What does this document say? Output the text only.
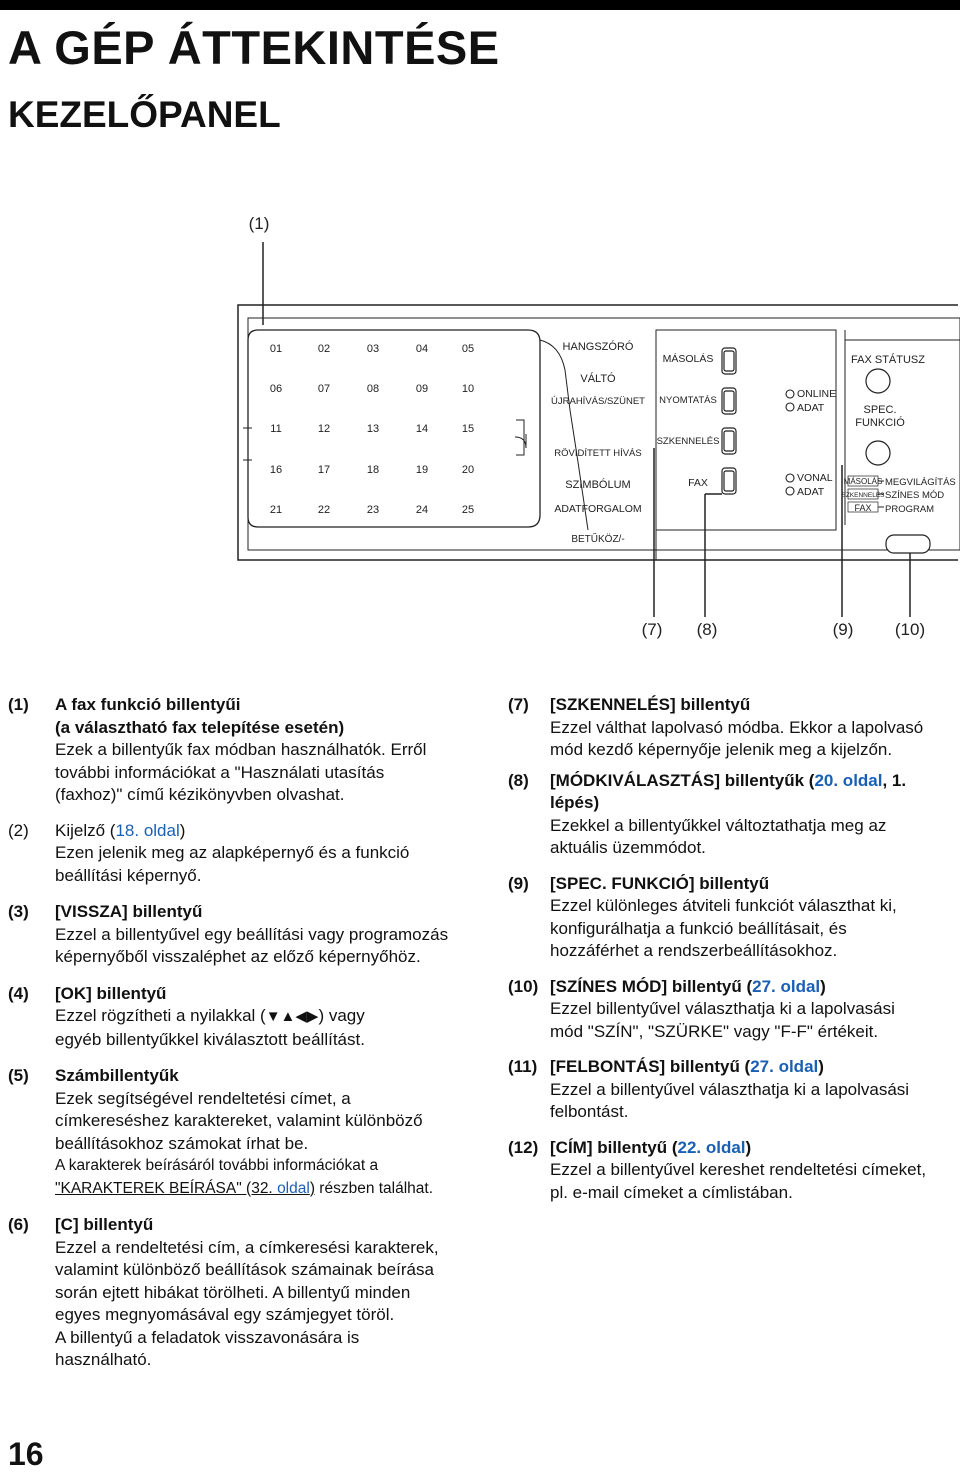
A GÉP ÁTTEKINTÉSE
KEZELŐPANEL
(1)
01	02	03	04	05
06	07	08	09	10
11	12	13	14	15
16	17	18	19	20
21	22	23	24	25
HANGSZÓRÓ
VÁLTÓ
ÚJRAHÍVÁS/SZÜNET
RÖVIDÍTETT HÍVÁS
SZIMBÓLUM
ADATFORGALOM
BETŰKÖZ/-
MÁSOLÁS
NYOMTATÁS
SZKENNELÉS
FAX
ONLINE
ADAT
VONAL
ADAT
FAX STÁTUSZ
SPEC.
FUNKCIÓ
MÁSOLÁS
SZKENNELÉS
FAX
MEGVILÁGÍTÁS
SZÍNES MÓD
PROGRAM
(7) (8)	(9) (10)
(1) A fax funkció billentyűi
(a választható fax telepítése esetén)
Ezek a billentyűk fax módban használhatók. Erről
további információkat a "Használati utasítás
(faxhoz)" című kézikönyvben olvashat.
(2) Kijelző (18. oldal)
Ezen jelenik meg az alapképernyő és a funkció
beállítási képernyő.
(3) [VISSZA] billentyű
Ezzel a billentyűvel egy beállítási vagy programozás
képernyőből visszaléphet az előző képernyőhöz.
(4) [OK] billentyű
Ezzel rögzítheti a nyilakkal (▼▲◀▶) vagy
egyéb billentyűkkel kiválasztott beállítást.
(5) Számbillentyűk
Ezek segítségével rendeltetési címet, a
címkereséshez karaktereket, valamint különböző
beállításokhoz számokat írhat be.
A karakterek beírásáról további információkat a
"KARAKTEREK BEÍRÁSA" (32. oldal) részben találhat.
(6) [C] billentyű
Ezzel a rendeltetési cím, a címkeresési karakterek,
valamint különböző beállítások számainak beírása
során ejtett hibákat törölheti. A billentyű minden
egyes megnyomásával egy számjegyet töröl.
A billentyű a feladatok visszavonására is
használható.
(7) [SZKENNELÉS] billentyű
Ezzel válthat lapolvasó módba. Ekkor a lapolvasó
mód kezdő képernyője jelenik meg a kijelzőn.
(8) [MÓDKIVÁLASZTÁS] billentyűk (20. oldal, 1.
lépés)
Ezekkel a billentyűkkel változtathatja meg az
aktuális üzemmódot.
(9) [SPEC. FUNKCIÓ] billentyű
Ezzel különleges átviteli funkciót választhat ki,
konfigurálhatja a funkció beállításait, és
hozzáférhet a rendszerbeállításokhoz.
(10) [SZÍNES MÓD] billentyű (27. oldal)
Ezzel billentyűvel választhatja ki a lapolvasási
mód "SZÍN", "SZÜRKE" vagy "F-F" értékeit.
(11) [FELBONTÁS] billentyű (27. oldal)
Ezzel a billentyűvel választhatja ki a lapolvasási
felbontást.
(12) [CÍM] billentyű (22. oldal)
Ezzel a billentyűvel kereshet rendeltetési címeket,
pl. e-mail címeket a címlistában.
16
